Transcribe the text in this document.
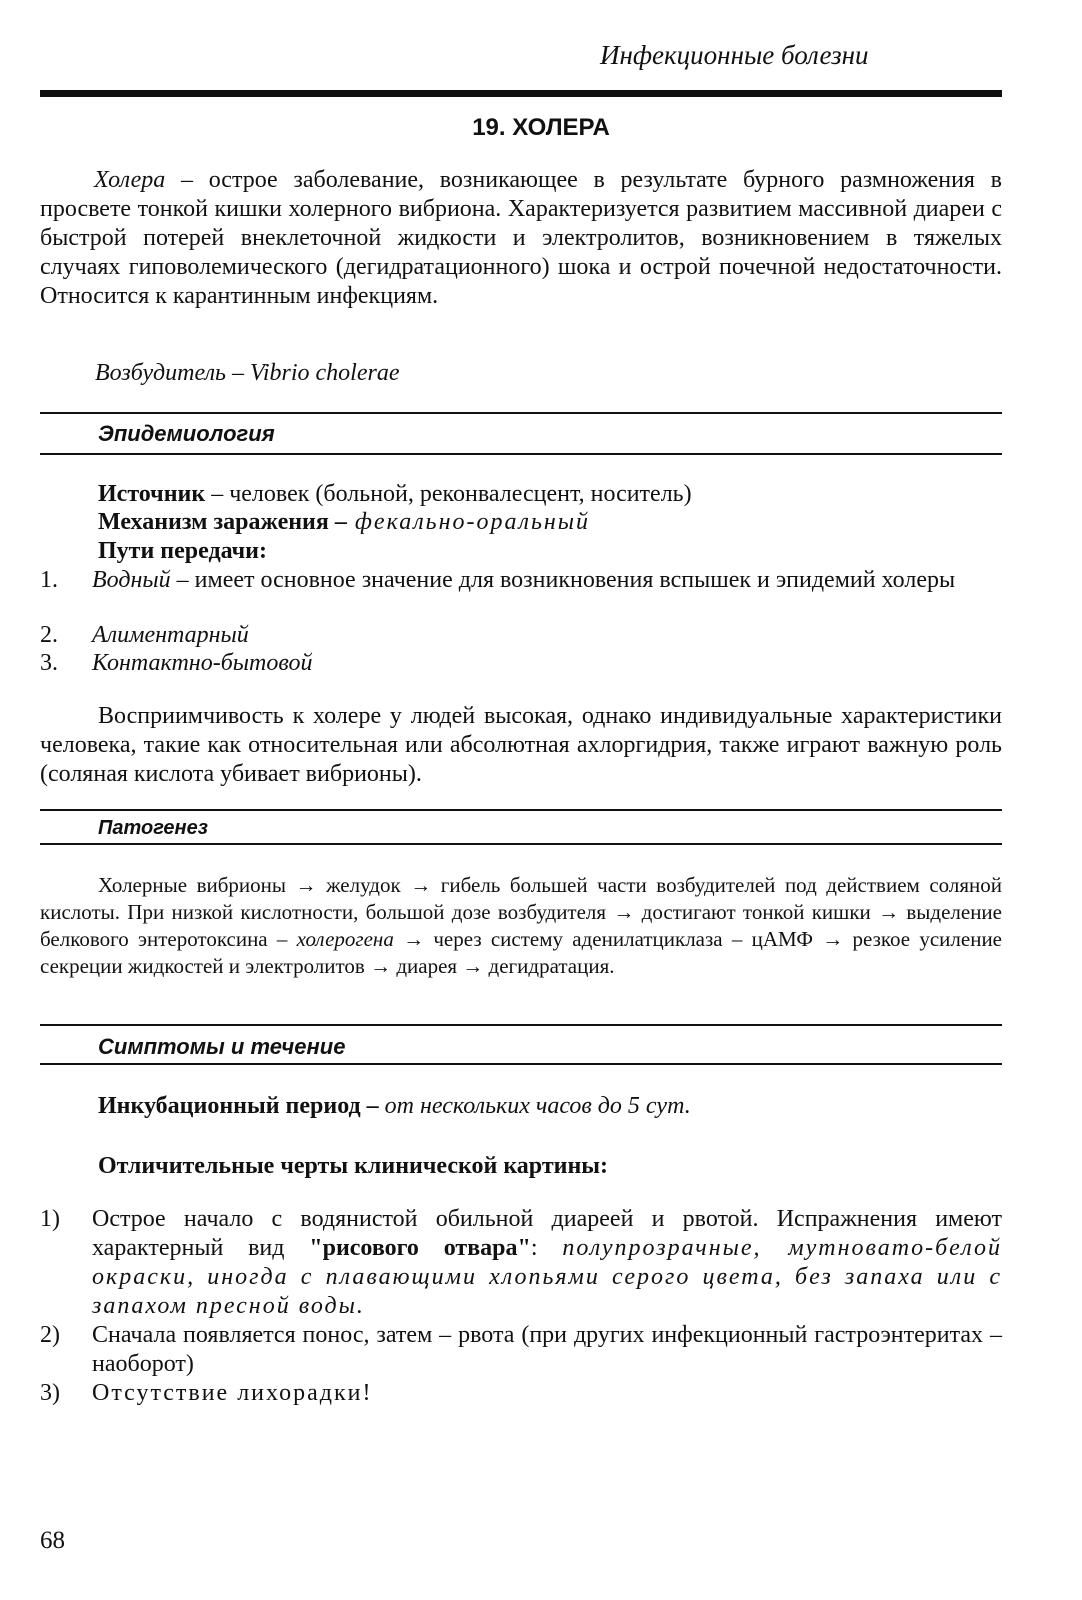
Инфекционные болезни
19. ХОЛЕРА
Холера – острое заболевание, возникающее в результате бурного размножения в просвете тонкой кишки холерного вибриона. Характеризуется развитием массивной диареи с быстрой потерей внеклеточной жидкости и электролитов, возникновением в тяжелых случаях гиповолемического (дегидратационного) шока и острой почечной недостаточности. Относится к карантинным инфекциям.
Возбудитель – Vibrio cholerae
Эпидемиология
Источник – человек (больной, реконвалесцент, носитель)
Механизм заражения – фекально-оральный
Пути передачи:
1. Водный – имеет основное значение для возникновения вспышек и эпидемий холеры
2. Алиментарный
3. Контактно-бытовой
Восприимчивость к холере у людей высокая, однако индивидуальные характеристики человека, такие как относительная или абсолютная ахлоргидрия, также играют важную роль (соляная кислота убивает вибрионы).
Патогенез
Холерные вибрионы → желудок → гибель большей части возбудителей под действием соляной кислоты. При низкой кислотности, большой дозе возбудителя → достигают тонкой кишки → выделение белкового энтеротоксина – холерогена → через систему аденилатциклаза – цАМФ → резкое усиление секреции жидкостей и электролитов → диарея → дегидратация.
Симптомы и течение
Инкубационный период – от нескольких часов до 5 сут.
Отличительные черты клинической картины:
1) Острое начало с водянистой обильной диареей и рвотой. Испражнения имеют характерный вид "рисового отвара": полупрозрачные, мутновато-белой окраски, иногда с плавающими хлопьями серого цвета, без запаха или с запахом пресной воды.
2) Сначала появляется понос, затем – рвота (при других инфекционный гастроэнтеритах – наоборот)
3) Отсутствие лихорадки!
68
